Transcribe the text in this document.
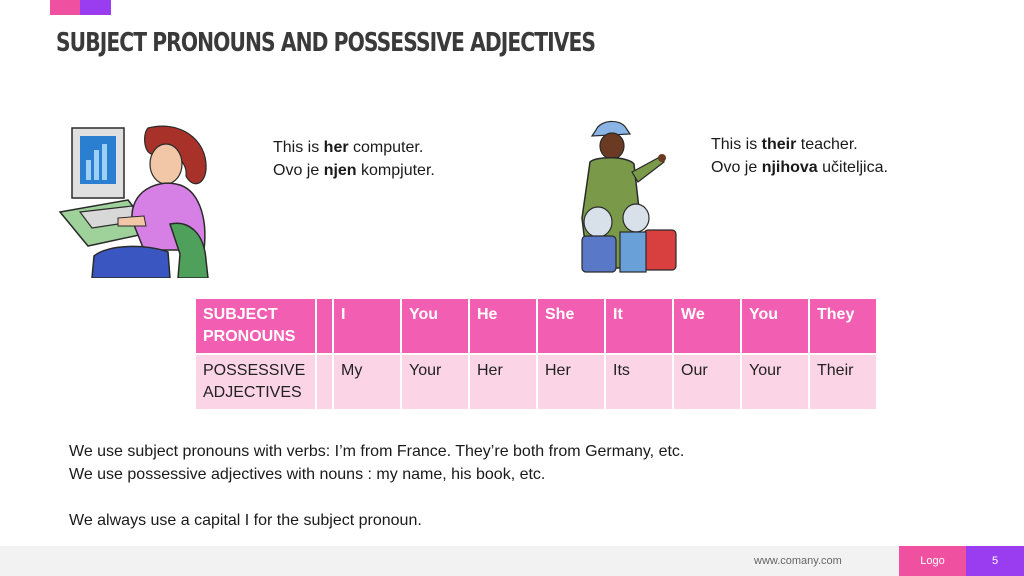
SUBJECT PRONOUNS AND POSSESSIVE ADJECTIVES
This is her computer.
Ovo je njen kompjuter.
This is their teacher.
Ovo je njihova učiteljica.
SUBJECT
PRONOUNS		I	You	He	She	It	We	You	They

POSSESSIVE
ADJECTIVES		My	Your	Her	Her	Its	Our	Your	Their
We use subject pronouns with verbs: I’m from France. They’re both from Germany, etc.
We use possessive adjectives with nouns : my name, his book, etc.
We always use a capital I for the subject pronoun.
www.comany.com	Logo	5
